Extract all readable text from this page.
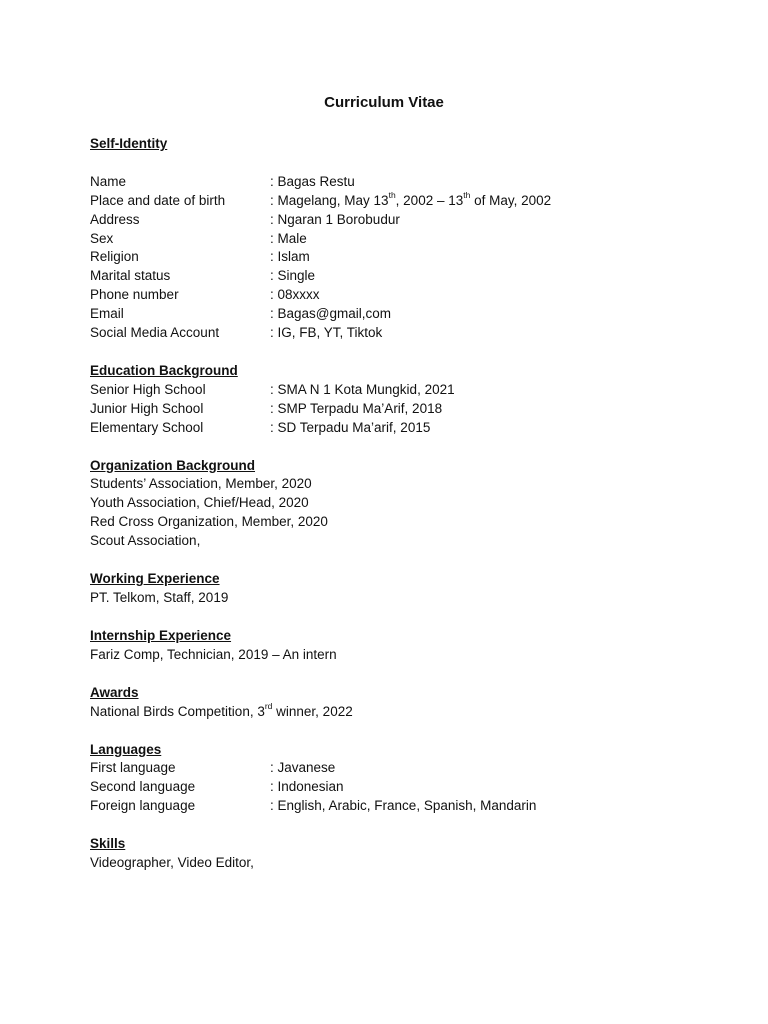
Curriculum Vitae
Self-Identity
Name	: Bagas Restu
Place and date of birth	: Magelang, May 13th, 2002 – 13th of May, 2002
Address	: Ngaran 1 Borobudur
Sex	: Male
Religion	: Islam
Marital status	: Single
Phone number	: 08xxxx
Email	: Bagas@gmail,com
Social Media Account	: IG, FB, YT, Tiktok
Education Background
Senior High School	: SMA N 1 Kota Mungkid, 2021
Junior High School	: SMP Terpadu Ma’Arif, 2018
Elementary School	: SD Terpadu Ma’arif, 2015
Organization Background
Students’ Association, Member, 2020
Youth Association, Chief/Head, 2020
Red Cross Organization, Member, 2020
Scout Association,
Working Experience
PT. Telkom, Staff, 2019
Internship Experience
Fariz Comp, Technician, 2019 – An intern
Awards
National Birds Competition, 3rd winner, 2022
Languages
First language	: Javanese
Second language	: Indonesian
Foreign language	: English, Arabic, France, Spanish, Mandarin
Skills
Videographer, Video Editor,
